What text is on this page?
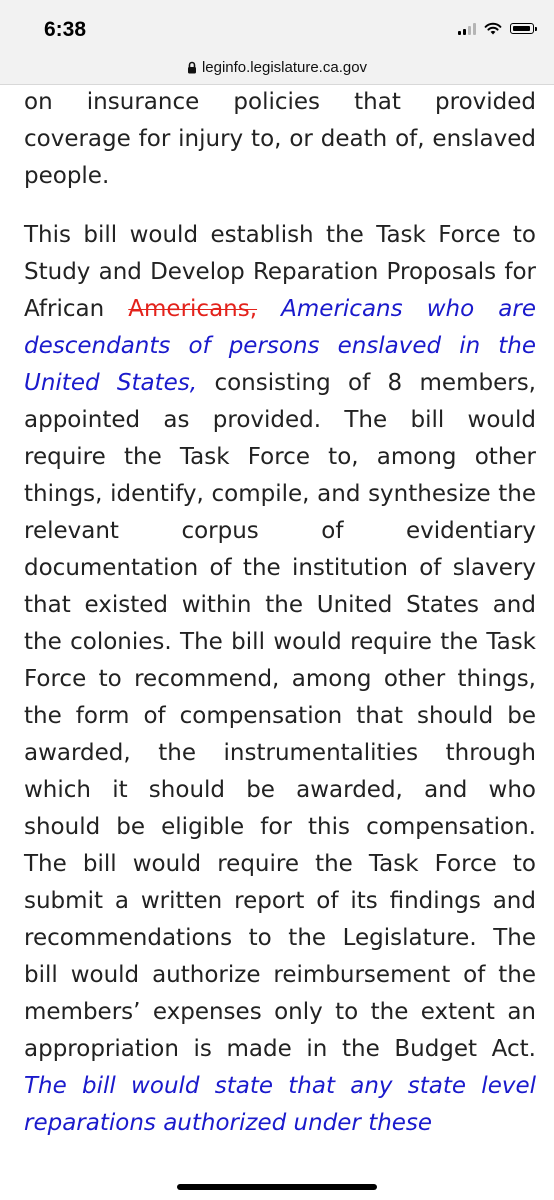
6:38
leginfo.legislature.ca.gov

on insurance policies that provided coverage for injury to, or death of, enslaved people.

This bill would establish the Task Force to Study and Develop Reparation Proposals for African Americans, Americans who are descendants of persons enslaved in the United States, consisting of 8 members, appointed as provided. The bill would require the Task Force to, among other things, identify, compile, and synthesize the relevant corpus of evidentiary documentation of the institution of slavery that existed within the United States and the colonies. The bill would require the Task Force to recommend, among other things, the form of compensation that should be awarded, the instrumentalities through which it should be awarded, and who should be eligible for this compensation. The bill would require the Task Force to submit a written report of its findings and recommendations to the Legislature. The bill would authorize reimbursement of the members’ expenses only to the extent an appropriation is made in the Budget Act. The bill would state that any state level reparations authorized under these
